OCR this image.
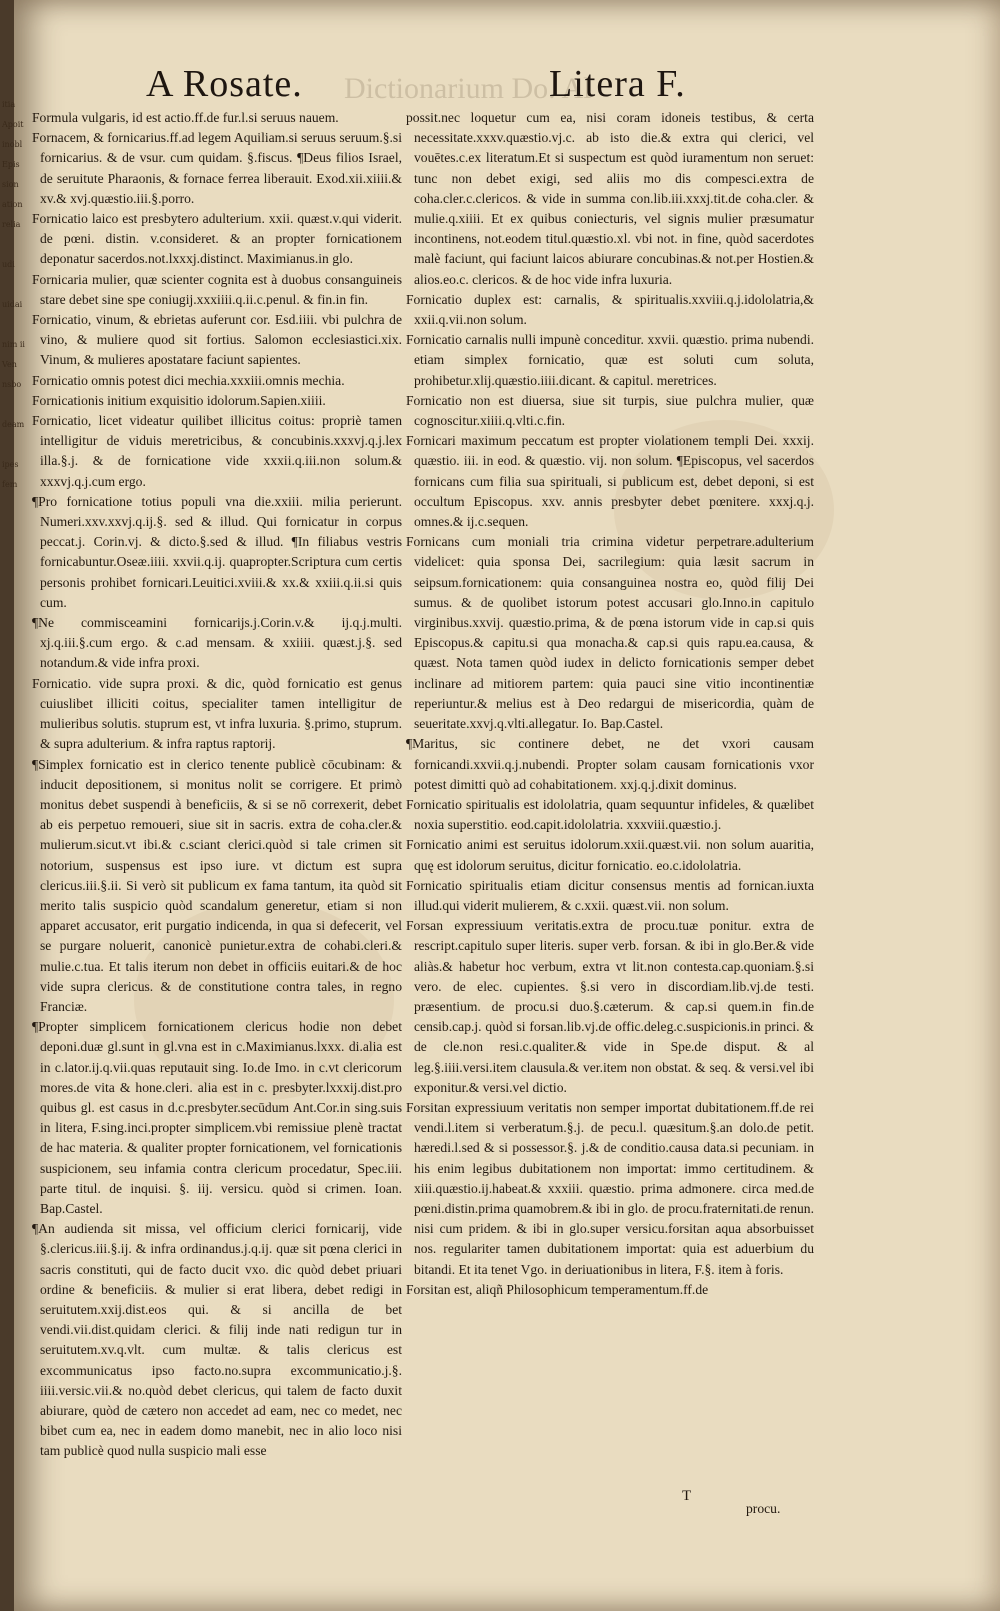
itia
Apoit
inobl
Epis
sion
ation
relia
udi
uidai
nim ii
Ven
nsbo
deam
ipes
fem
Dictionarium Do. Al
A Rosate.	Litera F.

Formula vulgaris, id est actio.ff.de fur.l.si seruus nauem.

Fornacem, & fornicarius.ff.ad legem Aquiliam.si seruus seruum.§.si fornicarius. & de vsur. cum quidam. §.fiscus. ¶Deus filios Israel, de seruitute Pharaonis, & fornace ferrea liberauit. Exod.xii.xiiii.& xv.& xvj.quæstio.iii.§.porro.

Fornicatio laico est presbytero adulterium. xxii. quæst.v.qui viderit. de pœni. distin. v.consideret. & an propter fornicationem deponatur sacerdos.not.lxxxj.distinct. Maximianus.in glo.

Fornicaria mulier, quæ scienter cognita est à duobus consanguineis stare debet sine spe coniugij.xxxiiii.q.ii.c.penul. & fin.in fin.

Fornicatio, vinum, & ebrietas auferunt cor. Esd.iiii. vbi pulchra de vino, & muliere quod sit fortius. Salomon ecclesiastici.xix. Vinum, & mulieres apostatare faciunt sapientes.

Fornicatio omnis potest dici mechia.xxxiii.omnis mechia.

Fornicationis initium exquisitio idolorum.Sapien.xiiii.

Fornicatio, licet videatur quilibet illicitus coitus: propriè tamen intelligitur de viduis meretricibus, & concubinis.xxxvj.q.j.lex illa.§.j. & de fornicatione vide xxxii.q.iii.non solum.& xxxvj.q.j.cum ergo.

¶Pro fornicatione totius populi vna die.xxiii. milia perierunt. Numeri.xxv.xxvj.q.ij.§. sed & illud. Qui fornicatur in corpus peccat.j. Corin.vj. & dicto.§.sed & illud. ¶In filiabus vestris fornicabuntur.Oseæ.iiii. xxvii.q.ij. quapropter.Scriptura cum certis personis prohibet fornicari.Leuitici.xviii.& xx.& xxiii.q.ii.si quis cum.

¶Ne commisceamini fornicarijs.j.Corin.v.& ij.q.j.multi. xj.q.iii.§.cum ergo. & c.ad mensam. & xxiiii. quæst.j.§. sed notandum.& vide infra proxi.

Fornicatio. vide supra proxi. & dic, quòd fornicatio est genus cuiuslibet illiciti coitus, specialiter tamen intelligitur de mulieribus solutis. stuprum est, vt infra luxuria. §.primo, stuprum. & supra adulterium. & infra raptus raptorij.

¶Simplex fornicatio est in clerico tenente publicè cōcubinam: & inducit depositionem, si monitus nolit se corrigere. Et primò monitus debet suspendi à beneficiis, & si se nō correxerit, debet ab eis perpetuo remoueri, siue sit in sacris. extra de coha.cler.& mulierum.sicut.vt ibi.& c.sciant clerici.quòd si tale crimen sit notorium, suspensus est ipso iure. vt dictum est supra clericus.iii.§.ii. Si verò sit publicum ex fama tantum, ita quòd sit merito talis suspicio quòd scandalum generetur, etiam si non apparet accusator, erit purgatio indicenda, in qua si defecerit, vel se purgare noluerit, canonicè punietur.extra de cohabi.cleri.& mulie.c.tua. Et talis iterum non debet in officiis euitari.& de hoc vide supra clericus. & de constitutione contra tales, in regno Franciæ.

¶Propter simplicem fornicationem clericus hodie non debet deponi.duæ gl.sunt in gl.vna est in c.Maximianus.lxxx. di.alia est in c.lator.ij.q.vii.quas reputauit sing. Io.de Imo. in c.vt clericorum mores.de vita & hone.cleri. alia est in c. presbyter.lxxxij.dist.pro quibus gl. est casus in d.c.presbyter.secūdum Ant.Cor.in sing.suis in litera, F.sing.inci.propter simplicem.vbi remissiue plenè tractat de hac materia. & qualiter propter fornicationem, vel fornicationis suspicionem, seu infamia contra clericum procedatur, Spec.iii. parte titul. de inquisi. §. iij. versicu. quòd si crimen. Ioan. Bap.Castel.

¶An audienda sit missa, vel officium clerici fornicarij, vide §.clericus.iii.§.ij. & infra ordinandus.j.q.ij. quæ sit pœna clerici in sacris constituti, qui de facto ducit vxo. dic quòd debet priuari ordine & beneficiis. & mulier si erat libera, debet redigi in seruitutem.xxij.dist.eos qui. & si ancilla de bet vendi.vii.dist.quidam clerici. & filij inde nati redigun tur in seruitutem.xv.q.vlt. cum multæ. & talis clericus est excommunicatus ipso facto.no.supra excommunicatio.j.§. iiii.versic.vii.& no.quòd debet clericus, qui talem de facto duxit abiurare, quòd de cætero non accedet ad eam, nec co medet, nec bibet cum ea, nec in eadem domo manebit, nec in alio loco nisi tam publicè quod nulla suspicio mali esse

possit.nec loquetur cum ea, nisi coram idoneis testibus, & certa necessitate.xxxv.quæstio.vj.c. ab isto die.& extra qui clerici, vel vouētes.c.ex literatum.Et si suspectum est quòd iuramentum non seruet: tunc non debet exigi, sed aliis mo dis compesci.extra de coha.cler.c.clericos. & vide in summa con.lib.iii.xxxj.tit.de coha.cler. & mulie.q.xiiii. Et ex quibus coniecturis, vel signis mulier præsumatur incontinens, not.eodem titul.quæstio.xl. vbi not. in fine, quòd sacerdotes malè faciunt, qui faciunt laicos abiurare concubinas.& not.per Hostien.& alios.eo.c. clericos. & de hoc vide infra luxuria.

Fornicatio duplex est: carnalis, & spiritualis.xxviii.q.j.idololatria,& xxii.q.vii.non solum.

Fornicatio carnalis nulli impunè conceditur. xxvii. quæstio. prima nubendi. etiam simplex fornicatio, quæ est soluti cum soluta, prohibetur.xlij.quæstio.iiii.dicant. & capitul. meretrices.

Fornicatio non est diuersa, siue sit turpis, siue pulchra mulier, quæ cognoscitur.xiiii.q.vlti.c.fin.

Fornicari maximum peccatum est propter violationem templi Dei. xxxij. quæstio. iii. in eod. & quæstio. vij. non solum. ¶Episcopus, vel sacerdos fornicans cum filia sua spirituali, si publicum est, debet deponi, si est occultum Episcopus. xxv. annis presbyter debet pœnitere. xxxj.q.j. omnes.& ij.c.sequen.

Fornicans cum moniali tria crimina videtur perpetrare.adulterium videlicet: quia sponsa Dei, sacrilegium: quia læsit sacrum in seipsum.fornicationem: quia consanguinea nostra eo, quòd filij Dei sumus. & de quolibet istorum potest accusari glo.Inno.in capitulo virginibus.xxvij. quæstio.prima, & de pœna istorum vide in cap.si quis Episcopus.& capitu.si qua monacha.& cap.si quis rapu.ea.causa, & quæst. Nota tamen quòd iudex in delicto fornicationis semper debet inclinare ad mitiorem partem: quia pauci sine vitio incontinentiæ reperiuntur.& melius est à Deo redargui de misericordia, quàm de seueritate.xxvj.q.vlti.allegatur. Io. Bap.Castel.

¶Maritus, sic continere debet, ne det vxori causam fornicandi.xxvii.q.j.nubendi. Propter solam causam fornicationis vxor potest dimitti quò ad cohabitationem. xxj.q.j.dixit dominus.

Fornicatio spiritualis est idololatria, quam sequuntur infideles, & quælibet noxia superstitio. eod.capit.idololatria. xxxviii.quæstio.j.

Fornicatio animi est seruitus idolorum.xxii.quæst.vii. non solum auaritia, quę est idolorum seruitus, dicitur fornicatio. eo.c.idololatria.

Fornicatio spiritualis etiam dicitur consensus mentis ad fornican.iuxta illud.qui viderit mulierem, & c.xxii. quæst.vii. non solum.

Forsan expressiuum veritatis.extra de procu.tuæ ponitur. extra de rescript.capitulo super literis. super verb. forsan. & ibi in glo.Ber.& vide aliàs.& habetur hoc verbum, extra vt lit.non contesta.cap.quoniam.§.si vero. de elec. cupientes. §.si vero in discordiam.lib.vj.de testi. præsentium. de procu.si duo.§.cæterum. & cap.si quem.in fin.de censib.cap.j. quòd si forsan.lib.vj.de offic.deleg.c.suspicionis.in princi. & de cle.non resi.c.qualiter.& vide in Spe.de disput. & al leg.§.iiii.versi.item clausula.& ver.item non obstat. & seq. & versi.vel ibi exponitur.& versi.vel dictio.

Forsitan expressiuum veritatis non semper importat dubitationem.ff.de rei vendi.l.item si verberatum.§.j. de pecu.l. quæsitum.§.an dolo.de petit. hæredi.l.sed & si possessor.§. j.& de conditio.causa data.si pecuniam. in his enim legibus dubitationem non importat: immo certitudinem. & xiii.quæstio.ij.habeat.& xxxiii. quæstio. prima admonere. circa med.de pœni.distin.prima quamobrem.& ibi in glo. de procu.fraternitati.de renun. nisi cum pridem. & ibi in glo.super versicu.forsitan aqua absorbuisset nos. regulariter tamen dubitationem importat: quia est aduerbium du bitandi. Et ita tenet Vgo. in deriuationibus in litera, F.§. item à foris.

Forsitan est, aliqñ Philosophicum temperamentum.ff.de

T
procu.
